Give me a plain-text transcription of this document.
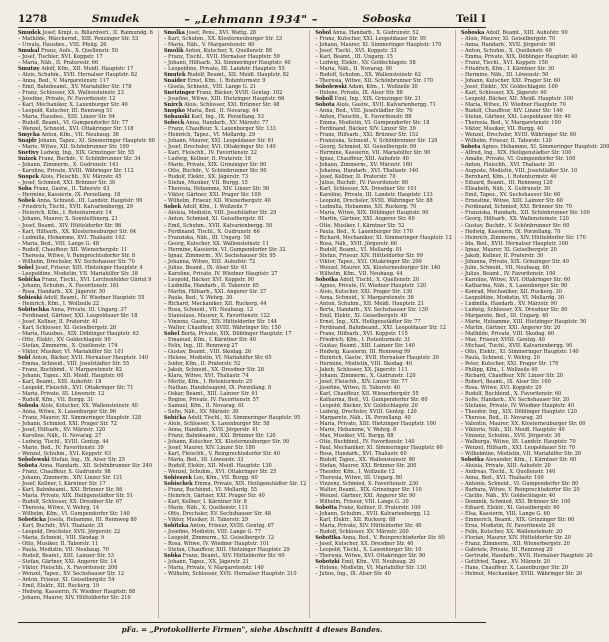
1278	Smudek	– „Lehmann 1934" –	Soboska	Teil I
Smudek Josef, Kmpl. u. Billardverl., II. Raimundg. 6
– Mathilde, Wäschernd., XIII. Penzinger Str. 53
– Ursula, Hausbes., VIII. Pfeilg. 26
Smukal Franz, Aufs., X. Quellenstr. 50
– Josef, Tischler, XVI. Koppstr. 17
– Maria, Näh., II. Pratersstr. 66
Smutny Adolf, Kfm., XII. Meidl. Hauptstr. 17
– Alois, Schuhm., XVII. Hernalser Hauptstr. 82
– Anna, Bed., V. Margaretenstr. 117
– Emil, Bahnbeamt., XV. Mariahilfer Str. 178
– Franz, Schlosser, XX. Wallensteinstr. 23
– Josefine, Private, IV. Favoritenstr. 12
– Karl, Mechaniker, X. Laxenburger Str. 40
– Leopold, Kutscher, III. Rennweg 51
– Maria, Hausbes., XIII. Linzer Str. 94
– Rudolf, Beamt., VI. Gumpendorfer Str. 77
– Wenzel, Schneid., XVI. Ottakringer Str. 118
Smycka Anton, Kfm., VII. Neubaug. 36
Snajdr Johann, Tapez., XI. Simmeringer Hauptstr. 60
– Marie, Witwe, XII. Schönbrunner Str. 199
Snetivy Ludwig, Ing., XIX. Grinzinger Str. 55
Snizek Franz, Buchdr., V. Schönbrunner Str. 34
– Johann, Zimmerm., X. Gudrunstr. 143
– Karoline, Private, XVIII. Währinger Str. 112
Snopek Alois, Fleischh., XV. Märzstr. 45
– Josef, Schmied, XXI. Brünner Str. 30
Soba Franz, Gastw., II. Taborstr. 63
– Hermine, Kassierin, IX. Porzellang. 18
Sobek Anna, Schneid., III. Landstr. Hauptstr. 99
– Friedrich, Tischl., XVII. Kalvarienbergg. 29
– Heinrich, Kfm., I. Rotenturmstr. 14
– Johann, Maurer, X. Sonnleithnerg. 21
– Josef, Beamt., XIV. Hütteldorfer Str. 86
– Karl, Hilfsarb., XX. Klosterneuburger Str. 64
– Ludmilla, Hebamme, XVI. Thaliastr. 102
– Maria, Bed., VIII. Lange G. 48
– Rudolf, Chauffeur, XII. Wienerbergstr. 11
– Theresia, Witwe, V. Reinprechtsdorfer Str. 8
– Wilhelm, Drechsler, XV. Sechshauser Str. 70
Sobel Josef, Friseur, XIII. Hietzinger Hauptstr. 4
– Leopoldine, Modistin, VII. Mariahilfer Str. 38
Sobička Franz, Tischl., XVI. Lerchenfelder Gürtel 9
– Johann, Schuhm., X. Favoritenstr. 161
– Rosa, Handarb., XX. Jägerstr. 50
Sobieski Adolf, Beamt., IV. Wiedner Hauptstr. 55
– Heinrich, Kfm., I. Wollzeile 22
Sobitschka Anna, Private, III. Ungarg. 37
– Ferdinand, Gärtner, XXI. Leopoldauer Str. 18
– Josef, Kellner, II. Praterstr. 41
– Karl, Schlosser, XI. Geiselbergstr. 26
– Maria, Hausbes., XIX. Döblinger Hauptstr. 63
– Otto, Elektr., XV. Goldschlagstr. 90
– Stefan, Zimmerm., X. Quellenstr. 174
– Viktor, Musiker, VI. Mariahilfer Str. 101
Sobl Anton, Bäcker, XVII. Hernalser Hauptstr. 140
– Emma, Schneid., VIII. Josefstädter Str. 55
– Franz, Buchbind., V. Margaretenstr. 82
– Johann, Tapez., XII. Meidl. Hauptstr. 60
– Karl, Beamt., XIII. Auhofstr. 18
– Leopold, Fleischh., XVI. Ottakringer Str. 71
– Maria, Private, III. Löwenstr. 12
– Rudolf, Kfm., VII. Burgg. 31
Soboda Alois, Kutscher, XX. Wallensteinstr. 40
– Anna, Witwe, X. Laxenburger Str. 96
– Franz, Maurer, XI. Simmeringer Hauptstr. 128
– Johann, Schmied, XXI. Prager Str. 72
– Josef, Hilfsarb., XV. Märzstr. 120
– Karoline, Näh., II. Novarag. 27
– Ludwig, Tischl., XVIII. Gentzg. 44
– Marie, Bed., IV. Favoritenstr. 39
– Wenzel, Schuhm., XVI. Koppstr. 63
Sobolewski Stefan, Ing., IX. Alser Str. 25
Sobota Anna, Handarb., XII. Schönbrunner Str. 240
– Franz, Chauffeur, X. Gudrunstr. 98
– Johann, Zimmerm., XIV. Linzer Str. 121
– Josef, Kellner, I. Kärntner Str. 17
– Karl, Bahnbeamt., XXI. Brünner Str. 86
– Maria, Private, XIX. Heiligenstädter Str. 51
– Rudolf, Schlosser, XX. Dresdner Str. 67
– Theresia, Witwe, V. Wehrg. 14
– Wilhelm, Kfm., VI. Gumpendorfer Str. 140
Soboticka Josefa, Hebamme, III. Rennweg 80
– Karl, Buchdr., XVI. Thaliastr. 35
– Leopold, Drechsler, XVII. Jörgerstr. 22
– Maria, Schneid., VIII. Skodag. 9
– Otto, Musiker, II. Taborstr. 11
– Paula, Modistin, VII. Neubaug. 70
– Rudolf, Beamt., XIII. Lainzer Str. 33
– Stefan, Gärtner, XXI. Angerer Str. 14
– Viktor, Fleischh., X. Favoritenstr. 200
– Wenzel, Tapez., XV. Sechshauser Str. 12
– Anton, Friseur, XI. Geiselbergstr. 54
– Emil, Elektr., XII. Ruckerg. 19
– Hedwig, Kassierin, IV. Wiedner Hauptstr. 88
– Johann, Maurer, XIV. Hütteldorfer Str. 210
Smolka Josef, Pens., XVI. Wattg. 28
– Karl, Schuhm., XX. Klosterneuburger Str. 33
– Maria, Näh., V. Margaretenstr. 60
Smolik Anton, Kutscher, X. Quellenstr. 88
– Franz, Tischl., XVII. Hernalser Hauptstr. 59
– Johann, Hilfsarb., XI. Simmeringer Hauptstr. 40
– Leopoldine, Private, III. Landstr. Hauptstr. 55
Smutek Rudolf, Beamt., XII. Meidl. Hauptstr. 82
Snaider Ernst, Kfm., I. Rotenturmstr. 9
– Gisela, Schneid., VIII. Lange G. 21
Snetzinger Franz, Bäcker, XVIII. Gentzg. 102
– Josefine, Witwe, XIII. Hietzinger Hauptstr. 66
Snirch Alois, Schlosser, XXI. Brünner Str. 48
Snopko Maria, Bed., II. Novarag. 44
Sobanski Karl, Ing., IX. Porzellang. 53
Sobeck Anna, Handarb., XV. Märzstr. 77
– Franz, Chauffeur, X. Laxenburger Str. 133
– Heinrich, Tapez., VI. Mollardg. 29
– Johann, Maurer, XXI. Leopoldauer Str. 61
– Josef, Drechsler, XVI. Ottakringer Str. 140
– Karl, Fleischh., IV. Favoritenstr. 22
– Ludwig, Kellner, II. Praterstr. 18
– Marie, Private, XIX. Grinzinger Str. 80
– Otto, Buchdr., V. Schönbrunner Str. 90
– Rudolf, Elektr., XX. Jägerstr. 73
– Stefan, Musiker, VII. Burgg. 15
– Theresia, Hebamme, XIV. Linzer Str. 56
– Viktor, Gärtner, XXI. Prager Str. 109
– Wilhelm, Friseur, XII. Wienerbergstr. 40
Sobek Adolf, Kfm., I. Wollzeile 7
– Aloisia, Modistin, VIII. Josefstädter Str. 29
– Anton, Schmied, XI. Geiselbergstr. 81
– Emil, Schuhm., XVII. Kalvarienbergg. 50
– Ferdinand, Tischl., X. Gudrunstr. 66
– Franziska, Näh., III. Ungarg. 58
– Georg, Kutscher, XX. Wallensteinstr. 11
– Hermine, Kassierin, VI. Gumpendorfer Str. 32
– Ignaz, Zimmerm., XV. Sechshauser Str. 95
– Johanna, Witwe, XIII. Auhofstr. 72
– Julius, Beamt., IX. Alser Str. 61
– Karoline, Private, IV. Wiedner Hauptstr. 27
– Leopold, Bäcker, XVI. Koppstr. 90
– Ludmilla, Handarb., II. Taborstr. 85
– Martin, Hilfsarb., XXI. Angerer Str. 37
– Paula, Bed., V. Wehrg. 30
– Richard, Mechaniker, XII. Ruckerg. 44
– Rosa, Schneid., VII. Neubaug. 12
– Stanislaus, Maurer, X. Favoritenstr. 122
– Vinzenz, Gastw., XIV. Hütteldorfer Str. 144
– Walter, Chauffeur, XVIII. Währinger Str. 150
Sobel Berta, Private, XIX. Döblinger Hauptstr. 17
– Emanuel, Kfm., I. Kärntner Str. 40
– Felix, Ing., III. Rennweg 27
– Gustav, Beamt., VIII. Skodag. 26
– Helene, Modistin, VI. Mariahilfer Str. 65
– Isidor, Kfm., II. Praterstr. 52
– Jakob, Schneid., XX. Dresdner Str. 28
– Klara, Witwe, XVI. Thaliastr. 74
– Moritz, Kfm., I. Rotenturmstr. 25
– Nathan, Handelsagent, IX. Porzellang. 8
– Oskar, Beamt., XIII. Lainzer Str. 91
– Regine, Private, IV. Favoritenstr. 57
– Samuel, Kfm., II. Novarag. 61
– Sofie, Näh., XV. Märzstr. 30
Sobička Adolf, Tischl., XI. Simmeringer Hauptstr. 95
– Alois, Schlosser, X. Laxenburger Str. 58
– Anna, Handarb., XVII. Jörgerstr. 41
– Franz, Bahnbeamt., XXI. Brünner Str. 120
– Johann, Kutscher, XX. Klosterneuburger Str. 99
– Josef, Maurer, XIV. Linzer Str. 180
– Karl, Fleischh., V. Reinprechtsdorfer Str. 40
– Maria, Bed., III. Löwenstr. 33
– Rudolf, Elektr., XII. Meidl. Hauptstr. 130
– Wenzel, Schuhm., XVI. Ottakringer Str. 25
Sobieszek Leo, Kfm., VII. Burgg. 60
Sobischek Emma, Private, XIX. Heiligenstädter Str. 12
– Franz, Buchbind., VI. Mollardg. 55
– Heinrich, Gärtner, XXI. Prager Str. 40
– Karl, Kellner, I. Kärntner Str. 8
– Marie, Näh., X. Quellenstr. 111
– Otto, Drechsler, XV. Sechshauser Str. 48
– Viktor, Musiker, II. Taborstr. 29
Sobitzka Anton, Friseur, XVIII. Gentzg. 67
– Josefine, Modistin, VIII. Lange G. 77
– Leopold, Zimmerm., XI. Geiselbergstr. 12
– Rosa, Witwe, IV. Wiedner Hauptstr. 101
– Stefan, Chauffeur, XIII. Hietzinger Hauptstr. 29
Sobka Franz, Beamt., XIV. Hütteldorfer Str. 60
– Johann, Tapez., XX. Jägerstr. 21
– Maria, Private, V. Margaretenstr. 140
– Wilhelm, Schlosser, XVII. Hernalser Hauptstr. 210
Sobol Anna, Handarb., X. Gudrunstr. 52
– Franz, Kutscher, XXI. Leopoldauer Str. 95
– Johann, Maurer, XI. Simmeringer Hauptstr. 170
– Josef, Tischl., XVI. Koppstr. 33
– Karl, Beamt., III. Ungarg. 15
– Ludwig, Elektr., XV. Goldschlagstr. 58
– Maria, Näh., II. Novarag. 90
– Rudolf, Schuhm., XX. Wallensteinstr. 62
– Theresia, Witwe, XII. Schönbrunner Str. 170
Sobolewski Adam, Kfm., I. Wollzeile 30
– Helene, Private, IX. Alser Str. 88
Soboll Emil, Ing., XIX. Grinzinger Str. 21
Sobota Alois, Gastw., XVII. Kalvarienbergg. 71
– Anna, Bed., VIII. Josefstädter Str. 70
– Anton, Fleischh., X. Favoritenstr. 88
– Emma, Modistin, VI. Gumpendorfer Str. 18
– Ferdinand, Bäcker, XIV. Linzer Str. 39
– Franz, Hilfsarb., XXI. Brünner Str. 152
– Franziska, Schneid., V. Schönbrunner Str. 120
– Georg, Schmied, XI. Geiselbergstr. 99
– Hermine, Kassierin, VII. Mariahilfer Str. 90
– Ignaz, Chauffeur, XIII. Auhofstr. 40
– Johann, Zimmerm., XV. Märzstr. 160
– Johanna, Handarb., XVI. Thaliastr. 140
– Josef, Kellner, II. Praterstr. 70
– Julius, Buchdr., IV. Favoritenstr. 80
– Karl, Schlosser, XX. Dresdner Str. 101
– Karoline, Private, III. Landstr. Hauptstr. 133
– Leopold, Drechsler, XVIII. Währinger Str. 88
– Ludmilla, Hebamme, XII. Ruckerg. 70
– Maria, Witwe, XIX. Döblinger Hauptstr. 90
– Martin, Gärtner, XXI. Angerer Str. 60
– Otto, Musiker, I. Kärntner Str. 52
– Paula, Bed., X. Laxenburger Str. 170
– Richard, Mechaniker, XI. Simmeringer Hauptstr. 12
– Rosa, Näh., XVII. Jörgerstr. 66
– Rudolf, Beamt., VI. Mollardg. 81
– Stefan, Friseur, XIV. Hütteldorfer Str. 99
– Viktor, Tapez., XVI. Ottakringer Str. 200
– Wenzel, Maurer, XX. Klosterneuburger Str. 140
– Wilhelm, Kfm., VII. Neubaug. 44
Sobotka Adolf, Tischl., X. Quellenstr. 20
– Agnes, Private, IV. Wiedner Hauptstr. 120
– Alois, Kutscher, XXI. Prager Str. 130
– Anna, Schneid., V. Margaretenstr. 36
– Anton, Schuhm., XII. Meidl. Hauptstr. 21
– Berta, Handarb., XV. Sechshauser Str. 130
– Emil, Elektr., XI. Geiselbergstr. 40
– Ernst, Ing., XIX. Heiligenstädter Str. 77
– Ferdinand, Bahnbeamt., XXI. Leopoldauer Str. 12
– Franz, Hilfsarb., XVI. Koppstr. 115
– Friedrich, Kfm., I. Rotenturmstr. 31
– Gustav, Beamt., XIII. Lainzer Str. 140
– Hedwig, Kassierin, III. Rennweg 99
– Heinrich, Gastw., XVII. Hernalser Hauptstr. 30
– Hermine, Modistin, VIII. Skodag. 40
– Jakob, Schlosser, XX. Jägerstr. 111
– Johann, Zimmerm., X. Gudrunstr. 120
– Josef, Fleischh., XIV. Linzer Str. 77
– Josefine, Witwe, II. Taborstr. 40
– Karl, Chauffeur, XII. Wienerbergstr. 55
– Katharina, Bed., VI. Gumpendorfer Str. 60
– Leopold, Bäcker, XV. Goldschlagstr. 20
– Ludwig, Drechsler, XVIII. Gentzg. 120
– Margarete, Näh., IX. Porzellang. 40
– Maria, Private, XIII. Hietzinger Hauptstr. 100
– Marie, Hebamme, V. Wehrg. 8
– Max, Musiker, VII. Burgg. 88
– Otto, Buchbind., IV. Favoritenstr. 140
– Paul, Mechaniker, XI. Simmeringer Hauptstr. 60
– Rosa, Handarb., XVI. Thaliastr. 60
– Rudolf, Tapez., XX. Wallensteinstr. 90
– Stefan, Maurer, XXI. Brünner Str. 200
– Theodor, Kfm., I. Wollzeile 12
– Theresia, Witwe, III. Ungarg. 80
– Vinzenz, Schmied, X. Favoritenstr. 230
– Walter, Beamt., XIX. Grinzinger Str. 110
– Wenzel, Gärtner, XXI. Angerer Str. 90
– Wilhelm, Friseur, VIII. Lange G. 30
Sobotta Franz, Kellner, II. Praterstr. 100
– Johann, Schuhm., XVII. Kalvarienbergg. 12
– Karl, Elektr., XII. Ruckerg. 88
– Maria, Private, XIV. Hütteldorfer Str. 40
– Rudolf, Schlosser, XV. Märzstr. 200
Sobottka Anna, Bed., V. Reinprechtsdorfer Str. 60
– Josef, Kutscher, XX. Dresdner Str. 40
– Leopold, Tischl., X. Laxenburger Str. 10
– Theresia, Witwe, XVI. Ottakringer Str. 90
Sobotzki Emil, Kfm., VII. Neubaug. 20
– Helene, Modistin, VI. Mariahilfer Str. 130
– Julius, Ing., IX. Alser Str. 40
Soboska Adolf, Beamt., XIII. Auhofstr. 90
– Alois, Maurer, XI. Geiselbergstr. 70
– Anna, Handarb., XVII. Jörgerstr. 90
– Anton, Schuhm., X. Quellenstr. 60
– Emma, Private, XIX. Döblinger Hauptstr. 40
– Franz, Tischl., XVI. Koppstr. 150
– Friedrich, Kfm., I. Kärntner Str. 30
– Hermine, Näh., III. Löwenstr. 50
– Johann, Kutscher, XXI. Prager Str. 60
– Josef, Elektr., XV. Goldschlagstr. 100
– Karl, Schlosser, XX. Jägerstr. 40
– Leopold, Bäcker, XII. Meidl. Hauptstr. 100
– Maria, Witwe, IV. Wiedner Hauptstr. 70
– Rudolf, Chauffeur, XIV. Linzer Str. 140
– Stefan, Gärtner, XXI. Leopoldauer Str. 40
– Theresia, Bed., V. Margaretenstr. 100
– Viktor, Musiker, VII. Burgg. 40
– Wenzel, Drechsler, XVIII. Währinger Str. 60
– Wilhelm, Friseur, II. Taborstr. 120
Sobota Agnes, Hebamme, XI. Simmeringer Hauptstr. 200
– Alfred, Ing., XIX. Heiligenstädter Str. 100
– Amalie, Private, VI. Gumpendorfer Str. 100
– Anton, Fleischh., XVI. Thaliastr. 20
– Auguste, Modistin, VIII. Josefstädter Str. 10
– Bernhard, Kfm., I. Rotenturmstr. 40
– Eduard, Beamt., III. Rennweg 120
– Elisabeth, Näh., X. Gudrunstr. 30
– Emil, Tapez., XV. Sechshauser Str. 60
– Ernestine, Witwe, XIII. Lainzer Str. 60
– Ferdinand, Schmied, XXI. Brünner Str. 70
– Franziska, Handarb., XII. Schönbrunner Str. 100
– Georg, Hilfsarb., XX. Wallensteinstr. 120
– Gustav, Buchdr., V. Schönbrunner Str. 60
– Hedwig, Kassierin, IX. Porzellang. 70
– Heinrich, Zimmerm., XIV. Hütteldorfer Str. 170
– Ida, Bed., XVII. Hernalser Hauptstr. 100
– Ignaz, Maurer, XI. Geiselbergstr. 20
– Jakob, Kellner, II. Praterstr. 30
– Johanna, Private, XIX. Grinzinger Str. 40
– Julie, Schneid., VII. Neubaug. 60
– Julius, Beamt., IV. Favoritenstr. 100
– Karoline, Witwe, XVI. Ottakringer Str. 60
– Katharina, Näh., X. Laxenburger Str. 80
– Konrad, Mechaniker, XII. Ruckerg. 30
– Leopoldine, Modistin, VI. Mollardg. 30
– Ludmilla, Handarb., XV. Märzstr. 90
– Ludwig, Schlosser, XX. Dresdner Str. 80
– Margarete, Bed., III. Ungarg. 40
– Marie, Hebamme, XIII. Hietzinger Hauptstr. 50
– Martin, Gärtner, XXI. Angerer Str. 20
– Mathilde, Private, VIII. Skodag. 60
– Max, Friseur, XVIII. Gentzg. 40
– Michael, Tischl., XVII. Kalvarienbergg. 90
– Otto, Elektr., XI. Simmeringer Hauptstr. 140
– Paula, Schneid., V. Wehrg. 20
– Peter, Kutscher, XXI. Prager Str. 170
– Philipp, Kfm., I. Wollzeile 40
– Richard, Chauffeur, XIV. Linzer Str. 20
– Robert, Beamt., IX. Alser Str. 100
– Rosa, Witwe, XVI. Koppstr. 20
– Rudolf, Buchbind., X. Favoritenstr. 60
– Sofie, Handarb., XV. Sechshauser Str. 20
– Stefanie, Private, IV. Wiedner Hauptstr. 40
– Theodor, Ing., XIX. Döblinger Hauptstr. 120
– Therese, Bed., II. Novarag. 20
– Valentin, Maurer, XX. Klosterneuburger Str. 60
– Viktoria, Näh., XII. Meidl. Hauptstr. 40
– Vinzenz, Schuhm., XVII. Jörgerstr. 30
– Walburga, Witwe, III. Landstr. Hauptstr. 70
– Wenzel, Hilfsarb., XXI. Leopoldauer Str. 70
– Wilhelmine, Modistin, VII. Mariahilfer Str. 20
Sobotka Alexander, Kfm., I. Kärntner Str. 60
– Aloisia, Private, XIII. Auhofstr. 20
– Andreas, Tischl., X. Quellenstr. 140
– Anna, Bed., XVI. Thaliastr. 100
– Antonie, Schneid., VI. Gumpendorfer Str. 80
– Barbara, Witwe, V. Reinprechtsdorfer Str. 20
– Cäcilie, Näh., XV. Goldschlagstr. 40
– Dominik, Schmied, XXI. Brünner Str. 100
– Eduard, Elektr., XI. Geiselbergstr. 60
– Elsa, Kassierin, VIII. Lange G. 60
– Emmerich, Beamt., XIX. Grinzinger Str. 60
– Erna, Modistin, IV. Favoritenstr. 20
– Felix, Kutscher, XX. Wallensteinstr. 20
– Florian, Maurer, XIV. Hütteldorfer Str. 20
– Franz, Zimmerm., XII. Wienerbergstr. 20
– Gabriele, Private, III. Rennweg 20
– Gertrude, Handarb., XVII. Hernalser Hauptstr. 20
– Gottfried, Tapez., XV. Märzstr. 20
– Hans, Chauffeur, X. Laxenburger Str. 20
– Helmut, Mechaniker, XVIII. Währinger Str. 20
pFa. = „Protokollierte Firmen", siehe Abschnitt 4 dieses Bandes.
